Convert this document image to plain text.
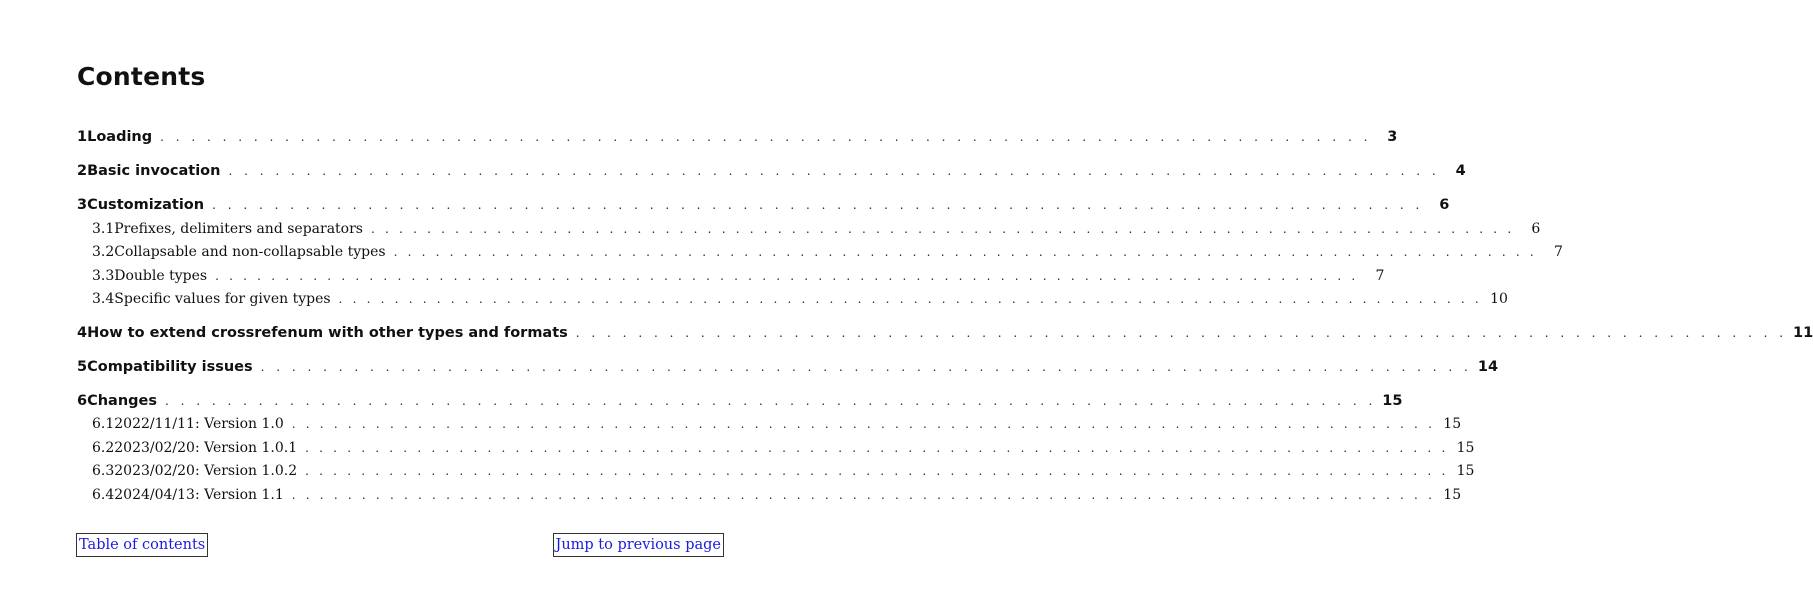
Contents
1 Loading . . . . . . . . . . . . . . . . . . . . . . . . . . . . . . . . . . . . . . . . . . . . . . . . . . . . . . . . . . . . . . . . . . . . . . . . . . . . . .	3
2 Basic invocation . . . . . . . . . . . . . . . . . . . . . . . . . . . . . . . . . . . . . . . . . . . . . . . . . . . . . . . . . . . . . . . . . . . . . . . . . . . . . .	4
3 Customization . . . . . . . . . . . . . . . . . . . . . . . . . . . . . . . . . . . . . . . . . . . . . . . . . . . . . . . . . . . . . . . . . . . . . . . . . . . . . .	6
3.1 Prefixes, delimiters and separators . . . . . . . . . . . . . . . . . . . . . . . . . . . . . . . . . . . . . . . . . . . . . . . . . . . . . . . . . . . . . . . . . . . . . . . . . . . . . . . . . .	6
3.2 Collapsable and non-collapsable types . . . . . . . . . . . . . . . . . . . . . . . . . . . . . . . . . . . . . . . . . . . . . . . . . . . . . . . . . . . . . . . . . . . . . . . . . . . . . . . . . .	7
3.3 Double types . . . . . . . . . . . . . . . . . . . . . . . . . . . . . . . . . . . . . . . . . . . . . . . . . . . . . . . . . . . . . . . . . . . . . . . . . . . . . . . . . .	7
3.4 Specific values for given types . . . . . . . . . . . . . . . . . . . . . . . . . . . . . . . . . . . . . . . . . . . . . . . . . . . . . . . . . . . . . . . . . . . . . . . . . . . . . . . . . . 10
4 How to extend crossrefenum with other types and formats . . . . . . . . . . . . . . . . . . . . . . . . . . . . . . . . . . . . . . . . . . . . . . . . . . . . . . . . . . . . . . . . . . . . . . . . . . . . . . 11
5 Compatibility issues . . . . . . . . . . . . . . . . . . . . . . . . . . . . . . . . . . . . . . . . . . . . . . . . . . . . . . . . . . . . . . . . . . . . . . . . . . . . . . 14
6 Changes . . . . . . . . . . . . . . . . . . . . . . . . . . . . . . . . . . . . . . . . . . . . . . . . . . . . . . . . . . . . . . . . . . . . . . . . . . . . . . 15
6.1 2022/11/11: Version 1.0 . . . . . . . . . . . . . . . . . . . . . . . . . . . . . . . . . . . . . . . . . . . . . . . . . . . . . . . . . . . . . . . . . . . . . . . . . . . . . . . . . . 15
6.2 2023/02/20: Version 1.0.1 . . . . . . . . . . . . . . . . . . . . . . . . . . . . . . . . . . . . . . . . . . . . . . . . . . . . . . . . . . . . . . . . . . . . . . . . . . . . . . . . . . 15
6.3 2023/02/20: Version 1.0.2 . . . . . . . . . . . . . . . . . . . . . . . . . . . . . . . . . . . . . . . . . . . . . . . . . . . . . . . . . . . . . . . . . . . . . . . . . . . . . . . . . . 15
6.4 2024/04/13: Version 1.1 . . . . . . . . . . . . . . . . . . . . . . . . . . . . . . . . . . . . . . . . . . . . . . . . . . . . . . . . . . . . . . . . . . . . . . . . . . . . . . . . . . 15
Table of contents	Jump to previous page
